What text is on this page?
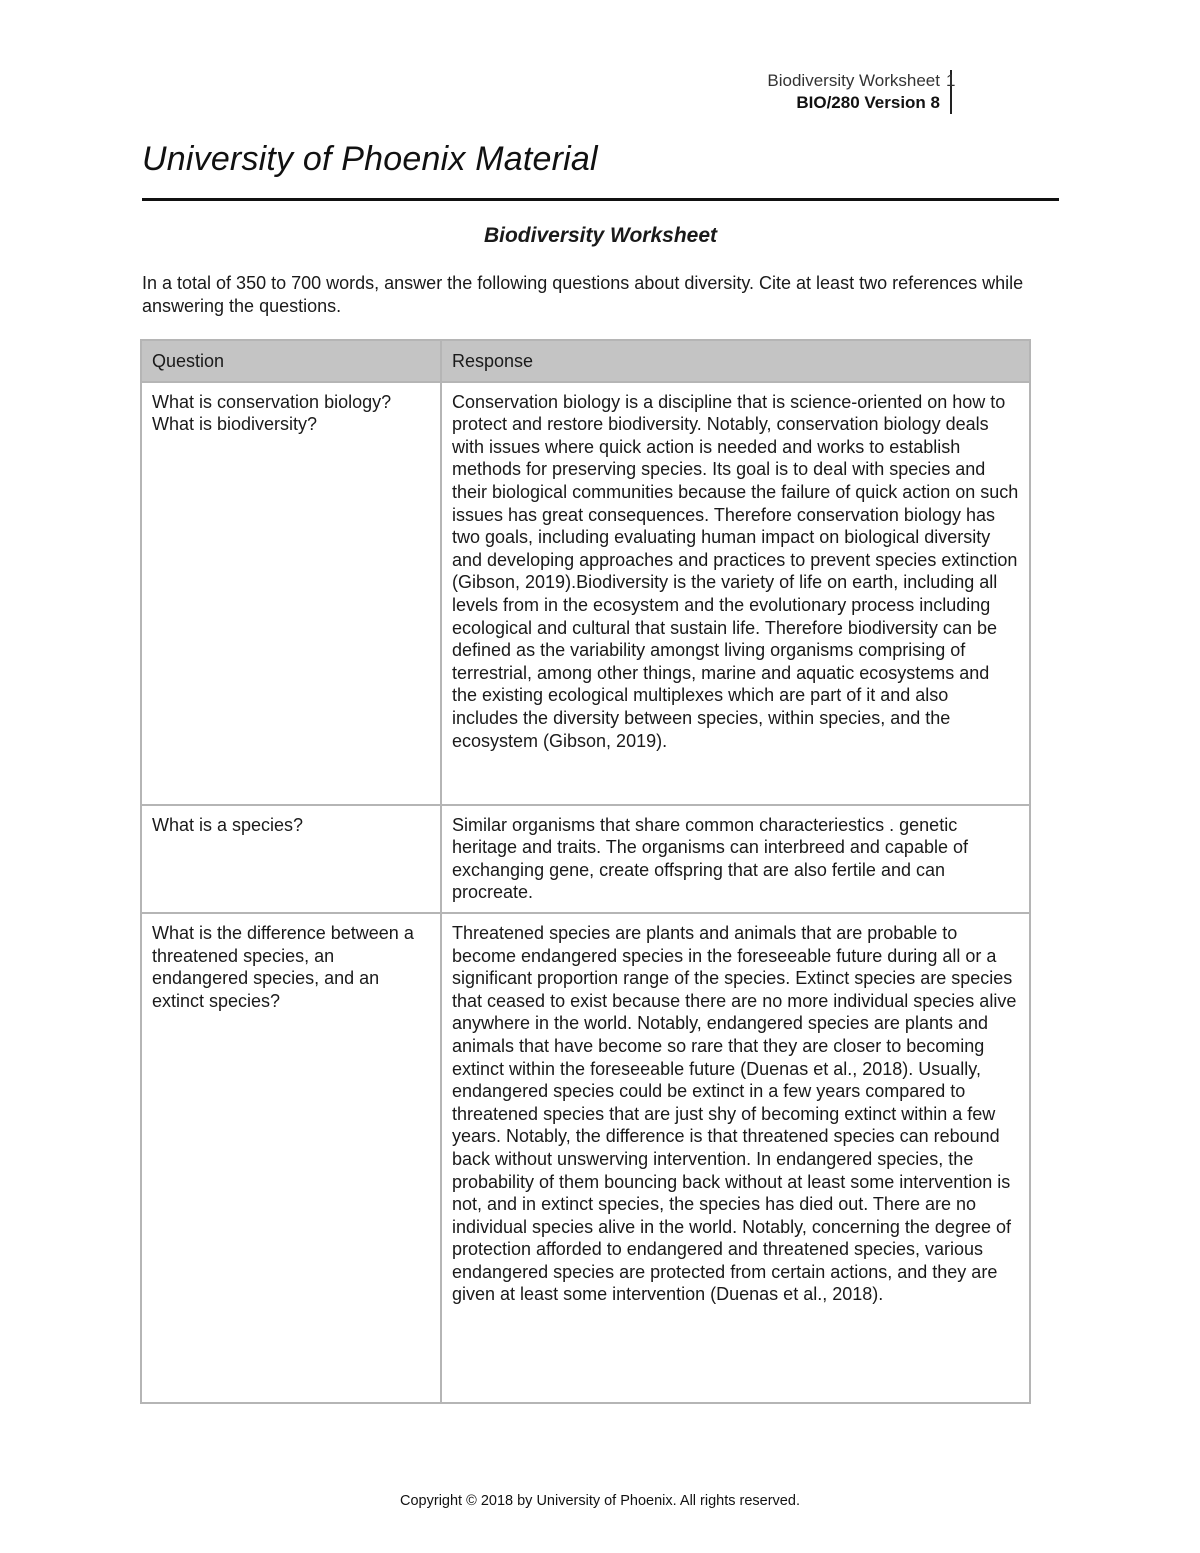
Biodiversity Worksheet
BIO/280 Version 8
1
University of Phoenix Material
Biodiversity Worksheet

In a total of 350 to 700 words, answer the following questions about diversity. Cite at least two references while answering the questions.

Question	Response
What is conservation biology? What is biodiversity?	Conservation biology is a discipline that is science-oriented on how to protect and restore biodiversity. Notably, conservation biology deals with issues where quick action is needed and works to establish methods for preserving species. Its goal is to deal with species and their biological communities because the failure of quick action on such issues has great consequences. Therefore conservation biology has two goals, including evaluating human impact on biological diversity and developing approaches and practices to prevent species extinction (Gibson, 2019).Biodiversity is the variety of life on earth, including all levels from in the ecosystem and the evolutionary process including ecological and cultural that sustain life. Therefore biodiversity can be defined as the variability amongst living organisms comprising of terrestrial, among other things, marine and aquatic ecosystems and the existing ecological multiplexes which are part of it and also includes the diversity between species, within species, and the ecosystem (Gibson, 2019).
What is a species?	Similar organisms that share common characteriestics . genetic heritage and traits. The organisms can interbreed and capable of exchanging gene, create offspring that are also fertile and can procreate.
What is the difference between a threatened species, an endangered species, and an extinct species?	Threatened species are plants and animals that are probable to become endangered species in the foreseeable future during all or a significant proportion range of the species. Extinct species are species that ceased to exist because there are no more individual species alive anywhere in the world. Notably, endangered species are plants and animals that have become so rare that they are closer to becoming extinct within the foreseeable future (Duenas et al., 2018). Usually, endangered species could be extinct in a few years compared to threatened species that are just shy of becoming extinct within a few years. Notably, the difference is that threatened species can rebound back without unswerving intervention. In endangered species, the probability of them bouncing back without at least some intervention is not, and in extinct species, the species has died out. There are no individual species alive in the world. Notably, concerning the degree of protection afforded to endangered and threatened species, various endangered species are protected from certain actions, and they are given at least some intervention (Duenas et al., 2018).
Copyright © 2018 by University of Phoenix. All rights reserved.
